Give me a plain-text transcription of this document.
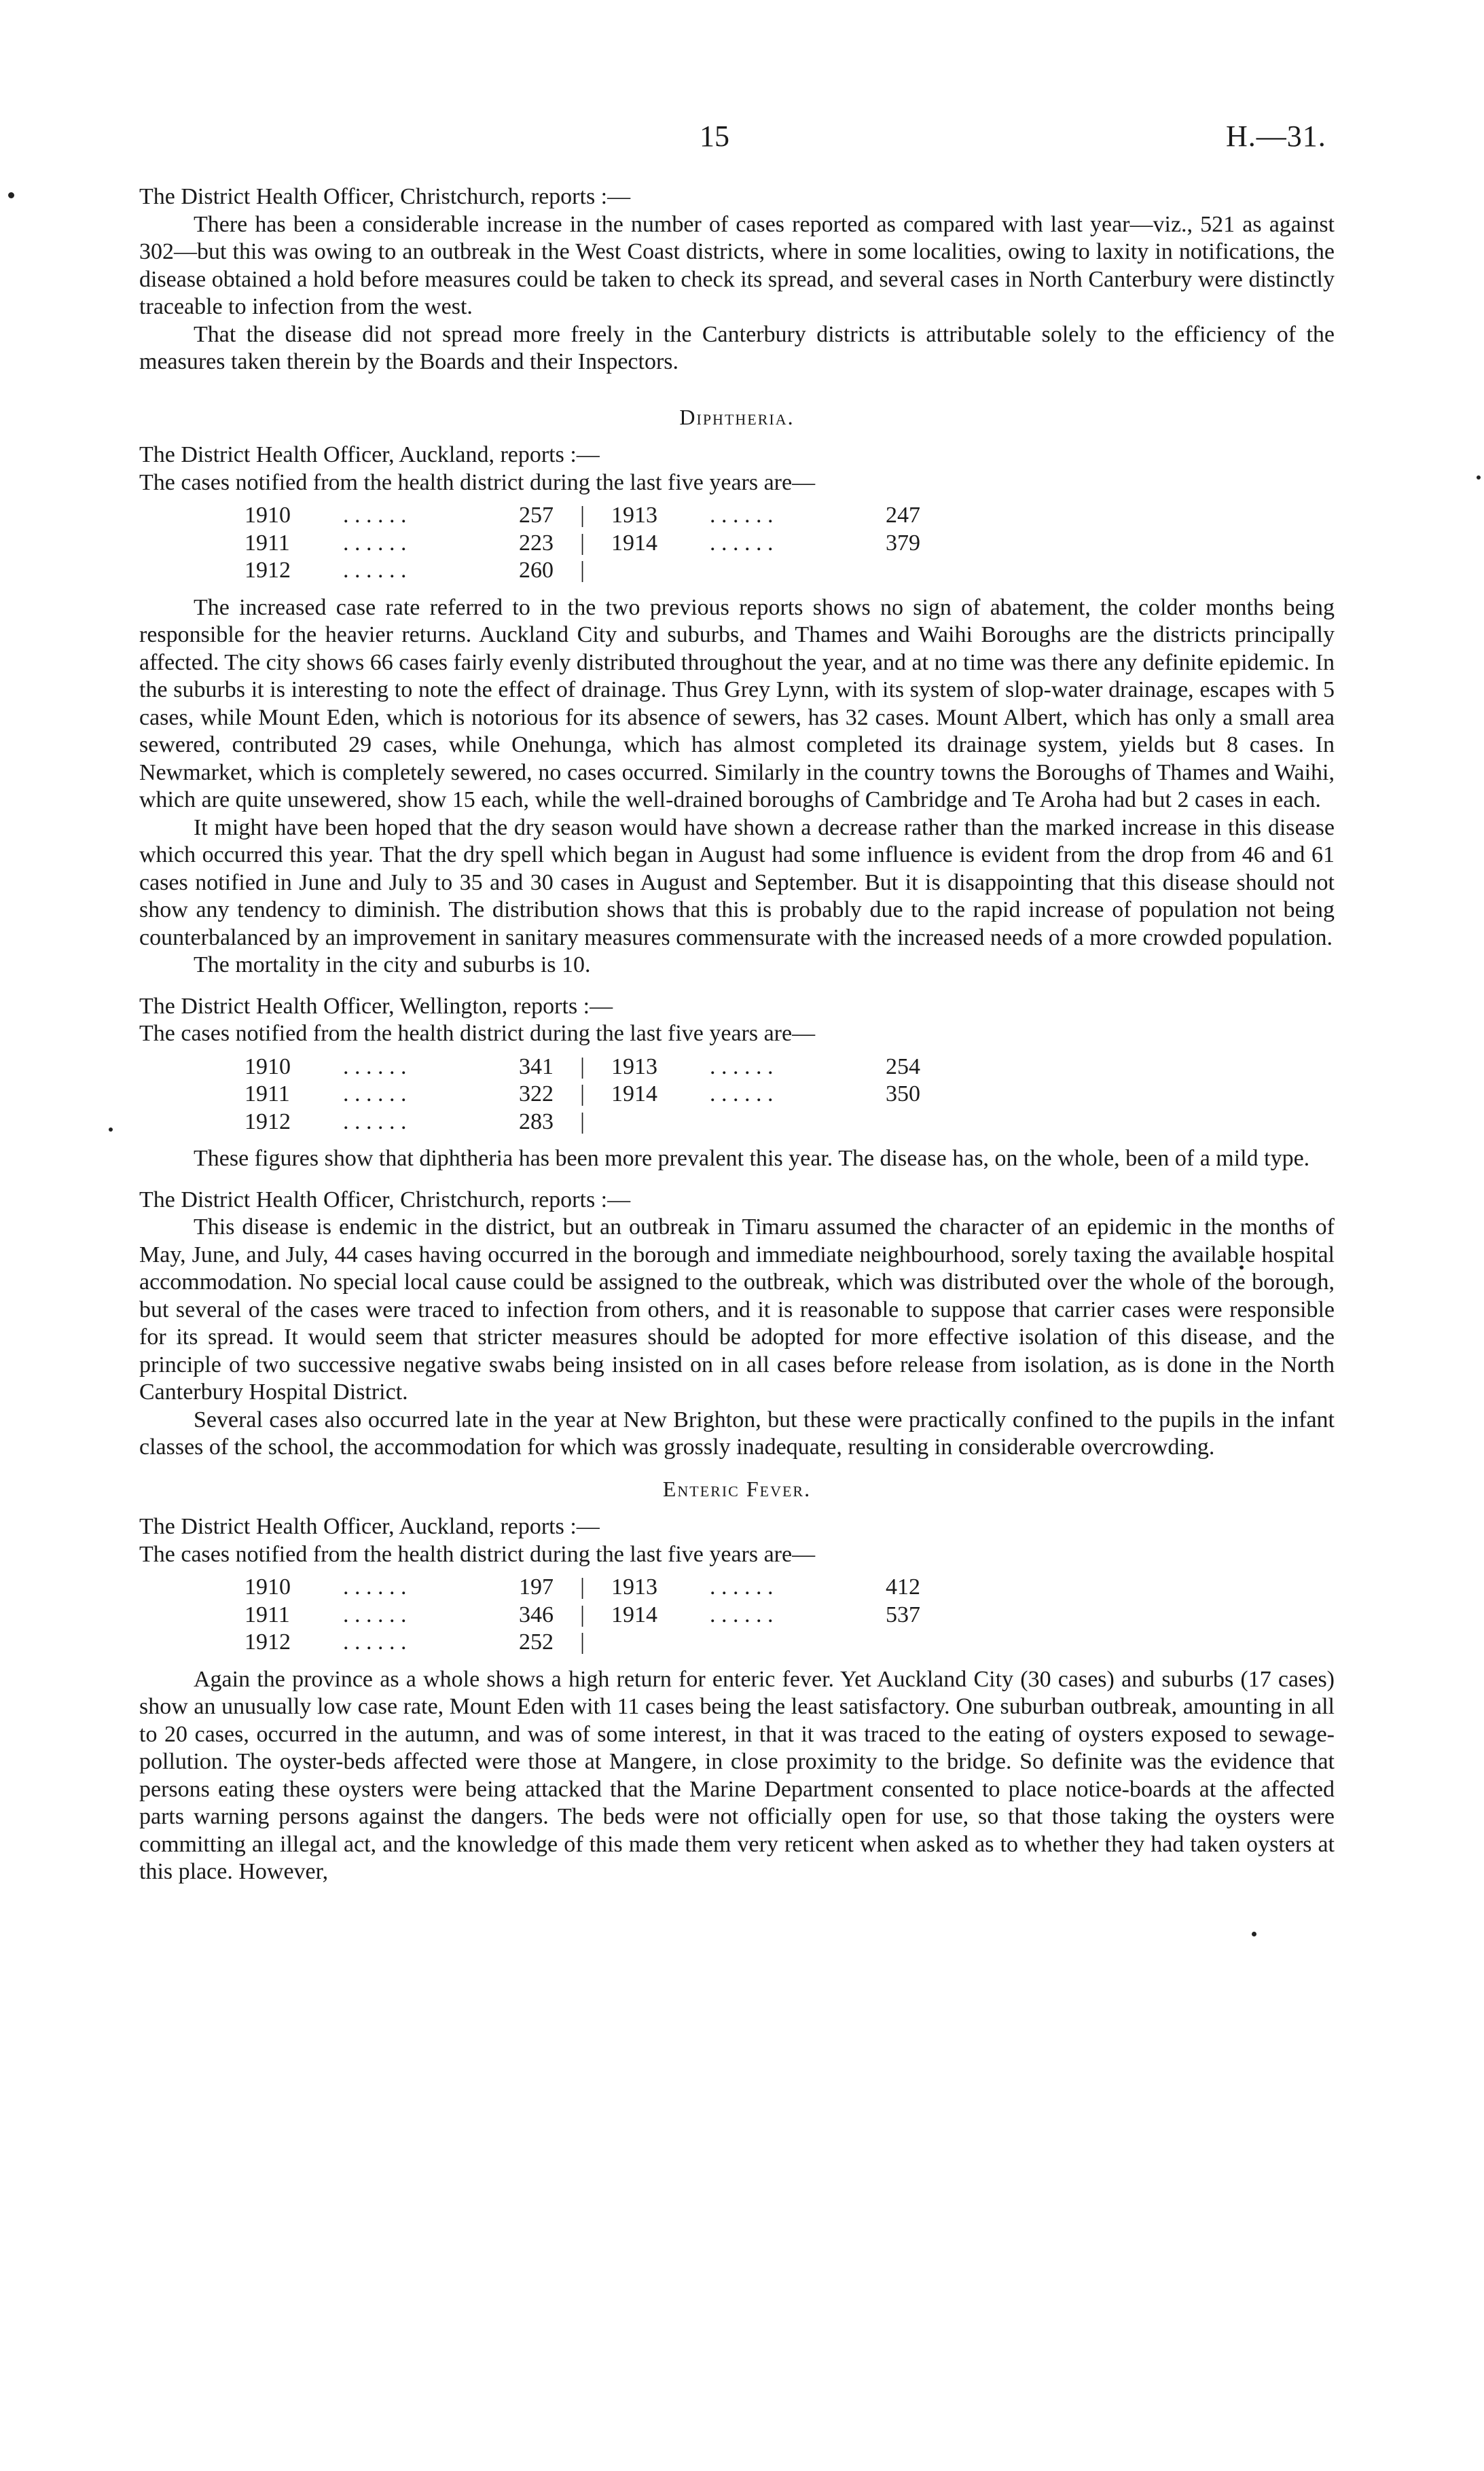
15	H.—31.

The District Health Officer, Christchurch, reports :—

There has been a considerable increase in the number of cases reported as compared with last year—viz., 521 as against 302—but this was owing to an outbreak in the West Coast districts, where in some localities, owing to laxity in notifications, the disease obtained a hold before measures could be taken to check its spread, and several cases in North Canterbury were distinctly traceable to infection from the west.

That the disease did not spread more freely in the Canterbury districts is attributable solely to the efficiency of the measures taken therein by the Boards and their Inspectors.

Diphtheria.

The District Health Officer, Auckland, reports :—

The cases notified from the health district during the last five years are—

1910	. . . . . .	257	|	1913	. . . . . .	247
1911	. . . . . .	223	|	1914	. . . . . .	379
1912	. . . . . .	260	|			

The increased case rate referred to in the two previous reports shows no sign of abatement, the colder months being responsible for the heavier returns. Auckland City and suburbs, and Thames and Waihi Boroughs are the districts principally affected. The city shows 66 cases fairly evenly distributed throughout the year, and at no time was there any definite epidemic. In the suburbs it is interesting to note the effect of drainage. Thus Grey Lynn, with its system of slop-water drainage, escapes with 5 cases, while Mount Eden, which is notorious for its absence of sewers, has 32 cases. Mount Albert, which has only a small area sewered, contributed 29 cases, while Onehunga, which has almost completed its drainage system, yields but 8 cases. In Newmarket, which is completely sewered, no cases occurred. Similarly in the country towns the Boroughs of Thames and Waihi, which are quite unsewered, show 15 each, while the well-drained boroughs of Cambridge and Te Aroha had but 2 cases in each.

It might have been hoped that the dry season would have shown a decrease rather than the marked increase in this disease which occurred this year. That the dry spell which began in August had some influence is evident from the drop from 46 and 61 cases notified in June and July to 35 and 30 cases in August and September. But it is disappointing that this disease should not show any tendency to diminish. The distribution shows that this is probably due to the rapid increase of population not being counterbalanced by an improvement in sanitary measures commensurate with the increased needs of a more crowded population.

The mortality in the city and suburbs is 10.

The District Health Officer, Wellington, reports :—

The cases notified from the health district during the last five years are—

1910	. . . . . .	341	|	1913	. . . . . .	254
1911	. . . . . .	322	|	1914	. . . . . .	350
1912	. . . . . .	283	|			

These figures show that diphtheria has been more prevalent this year. The disease has, on the whole, been of a mild type.

The District Health Officer, Christchurch, reports :—

This disease is endemic in the district, but an outbreak in Timaru assumed the character of an epidemic in the months of May, June, and July, 44 cases having occurred in the borough and immediate neighbourhood, sorely taxing the available hospital accommodation. No special local cause could be assigned to the outbreak, which was distributed over the whole of the borough, but several of the cases were traced to infection from others, and it is reasonable to suppose that carrier cases were responsible for its spread. It would seem that stricter measures should be adopted for more effective isolation of this disease, and the principle of two successive negative swabs being insisted on in all cases before release from isolation, as is done in the North Canterbury Hospital District.

Several cases also occurred late in the year at New Brighton, but these were practically confined to the pupils in the infant classes of the school, the accommodation for which was grossly inadequate, resulting in considerable overcrowding.

Enteric Fever.

The District Health Officer, Auckland, reports :—

The cases notified from the health district during the last five years are—

1910	. . . . . .	197	|	1913	. . . . . .	412
1911	. . . . . .	346	|	1914	. . . . . .	537
1912	. . . . . .	252	|			

Again the province as a whole shows a high return for enteric fever. Yet Auckland City (30 cases) and suburbs (17 cases) show an unusually low case rate, Mount Eden with 11 cases being the least satisfactory. One suburban outbreak, amounting in all to 20 cases, occurred in the autumn, and was of some interest, in that it was traced to the eating of oysters exposed to sewage-pollution. The oyster-beds affected were those at Mangere, in close proximity to the bridge. So definite was the evidence that persons eating these oysters were being attacked that the Marine Department consented to place notice-boards at the affected parts warning persons against the dangers. The beds were not officially open for use, so that those taking the oysters were committing an illegal act, and the knowledge of this made them very reticent when asked as to whether they had taken oysters at this place. However,
